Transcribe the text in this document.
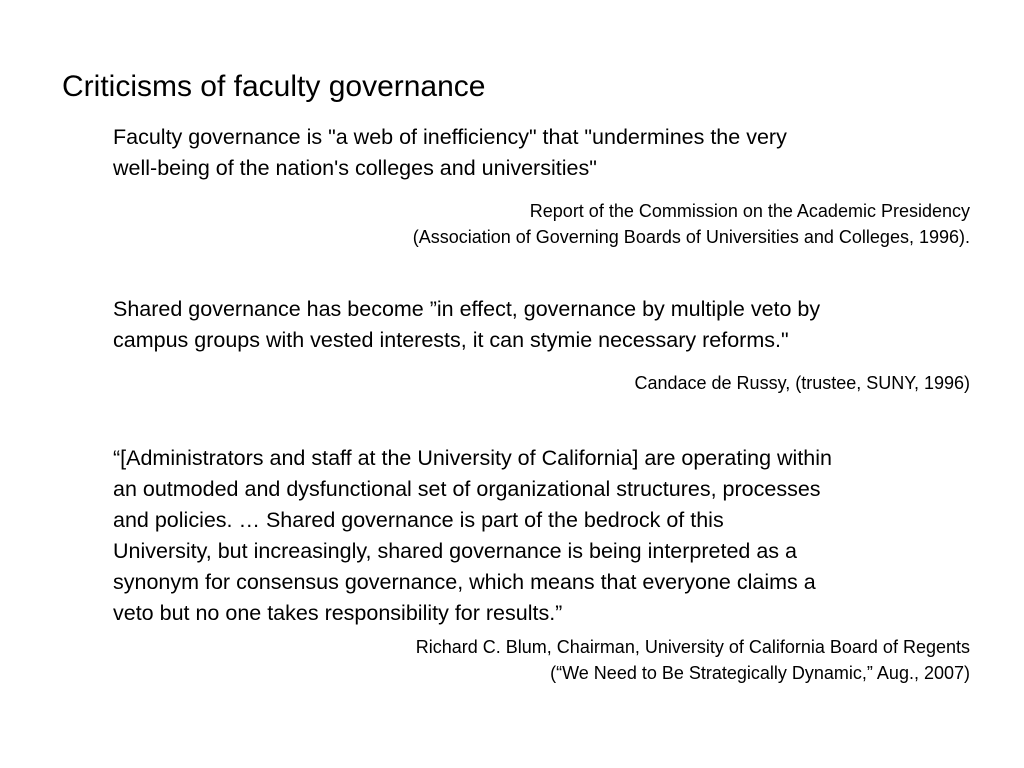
Criticisms of faculty governance
Faculty governance is "a web of inefficiency" that "undermines the very
well-being of the nation's colleges and universities"
Report of the Commission on the Academic Presidency
(Association of Governing Boards of Universities and Colleges, 1996).
Shared governance has become ”in effect, governance by multiple veto by
campus groups with vested interests, it can stymie necessary reforms."
Candace de Russy, (trustee, SUNY, 1996)
“[Administrators and staff at the University of California] are operating within
an outmoded and dysfunctional set of organizational structures, processes
and policies. … Shared governance is part of the bedrock of this
University, but increasingly, shared governance is being interpreted as a
synonym for consensus governance, which means that everyone claims a
veto but no one takes responsibility for results.”
Richard C. Blum, Chairman, University of California Board of Regents
(“We Need to Be Strategically Dynamic,” Aug., 2007)
